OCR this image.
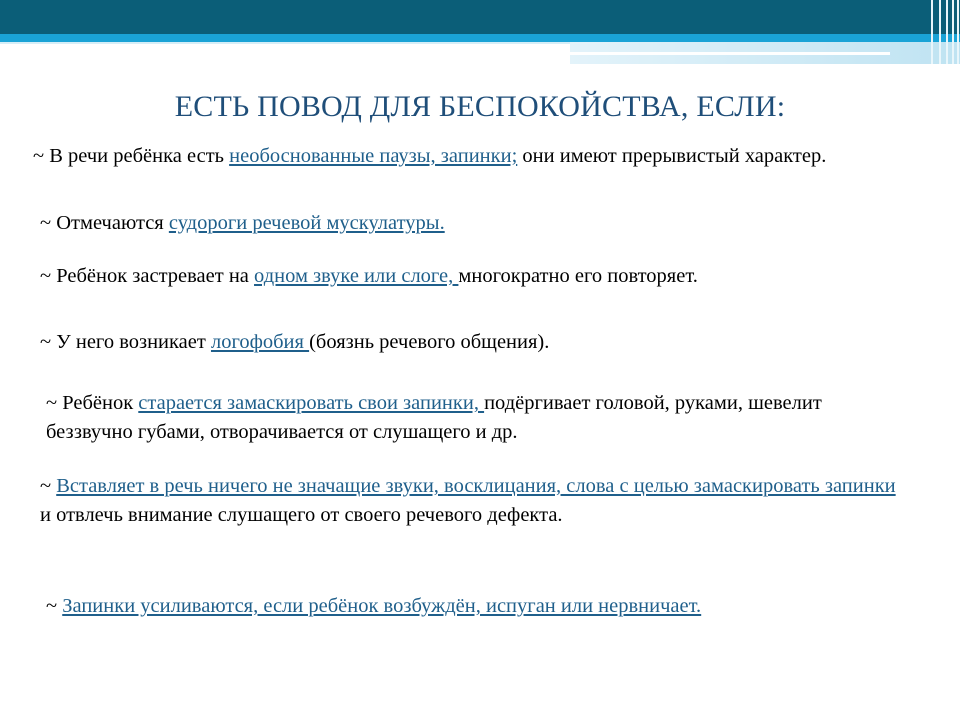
ЕСТЬ ПОВОД ДЛЯ БЕСПОКОЙСТВА, ЕСЛИ:

~ В речи ребёнка есть необоснованные паузы, запинки; они имеют прерывистый характер.

~ Отмечаются судороги речевой мускулатуры.

~ Ребёнок застревает на одном звуке или слоге, многократно его повторяет.

~ У него возникает логофобия (боязнь речевого общения).

~ Ребёнок старается замаскировать свои запинки, подёргивает головой, руками, шевелит беззвучно губами, отворачивается от слушащего и др.

~ Вставляет в речь ничего не значащие звуки, восклицания, слова с целью замаскировать запинки и отвлечь внимание слушащего от своего речевого дефекта.

~ Запинки усиливаются, если ребёнок возбуждён, испуган или нервничает.
